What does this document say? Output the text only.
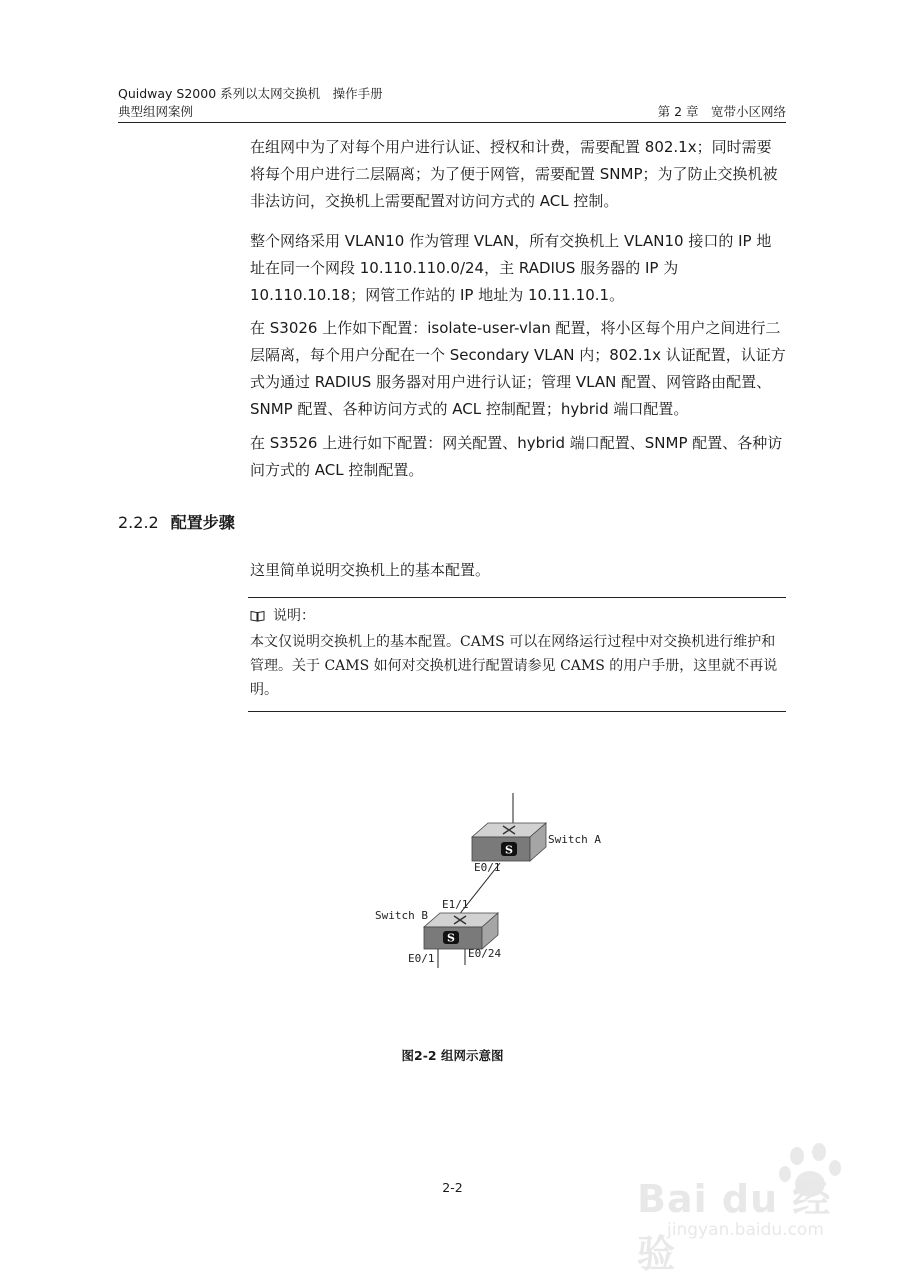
Quidway S2000 系列以太网交换机　操作手册
典型组网案例	第 2 章　宽带小区网络

在组网中为了对每个用户进行认证、授权和计费，需要配置 802.1x；同时需要将每个用户进行二层隔离；为了便于网管，需要配置 SNMP；为了防止交换机被非法访问，交换机上需要配置对访问方式的 ACL 控制。

整个网络采用 VLAN10 作为管理 VLAN，所有交换机上 VLAN10 接口的 IP 地址在同一个网段 10.110.110.0/24，主 RADIUS 服务器的 IP 为 10.110.10.18；网管工作站的 IP 地址为 10.11.10.1。

在 S3026 上作如下配置：isolate-user-vlan 配置，将小区每个用户之间进行二层隔离，每个用户分配在一个 Secondary VLAN 内；802.1x 认证配置，认证方式为通过 RADIUS 服务器对用户进行认证；管理 VLAN 配置、网管路由配置、SNMP 配置、各种访问方式的 ACL 控制配置；hybrid 端口配置。

在 S3526 上进行如下配置：网关配置、hybrid 端口配置、SNMP 配置、各种访问方式的 ACL 控制配置。

2.2.2 配置步骤
这里简单说明交换机上的基本配置。
说明：

本文仅说明交换机上的基本配置。CAMS 可以在网络运行过程中对交换机进行维护和管理。关于 CAMS 如何对交换机进行配置请参见 CAMS 的用户手册，这里就不再说明。

S
Switch A
E0/1
S
Switch B
E1/1
E0/1	E0/24
图2-2 组网示意图
2-2	Bai du 经验
jingyan.baidu.com
